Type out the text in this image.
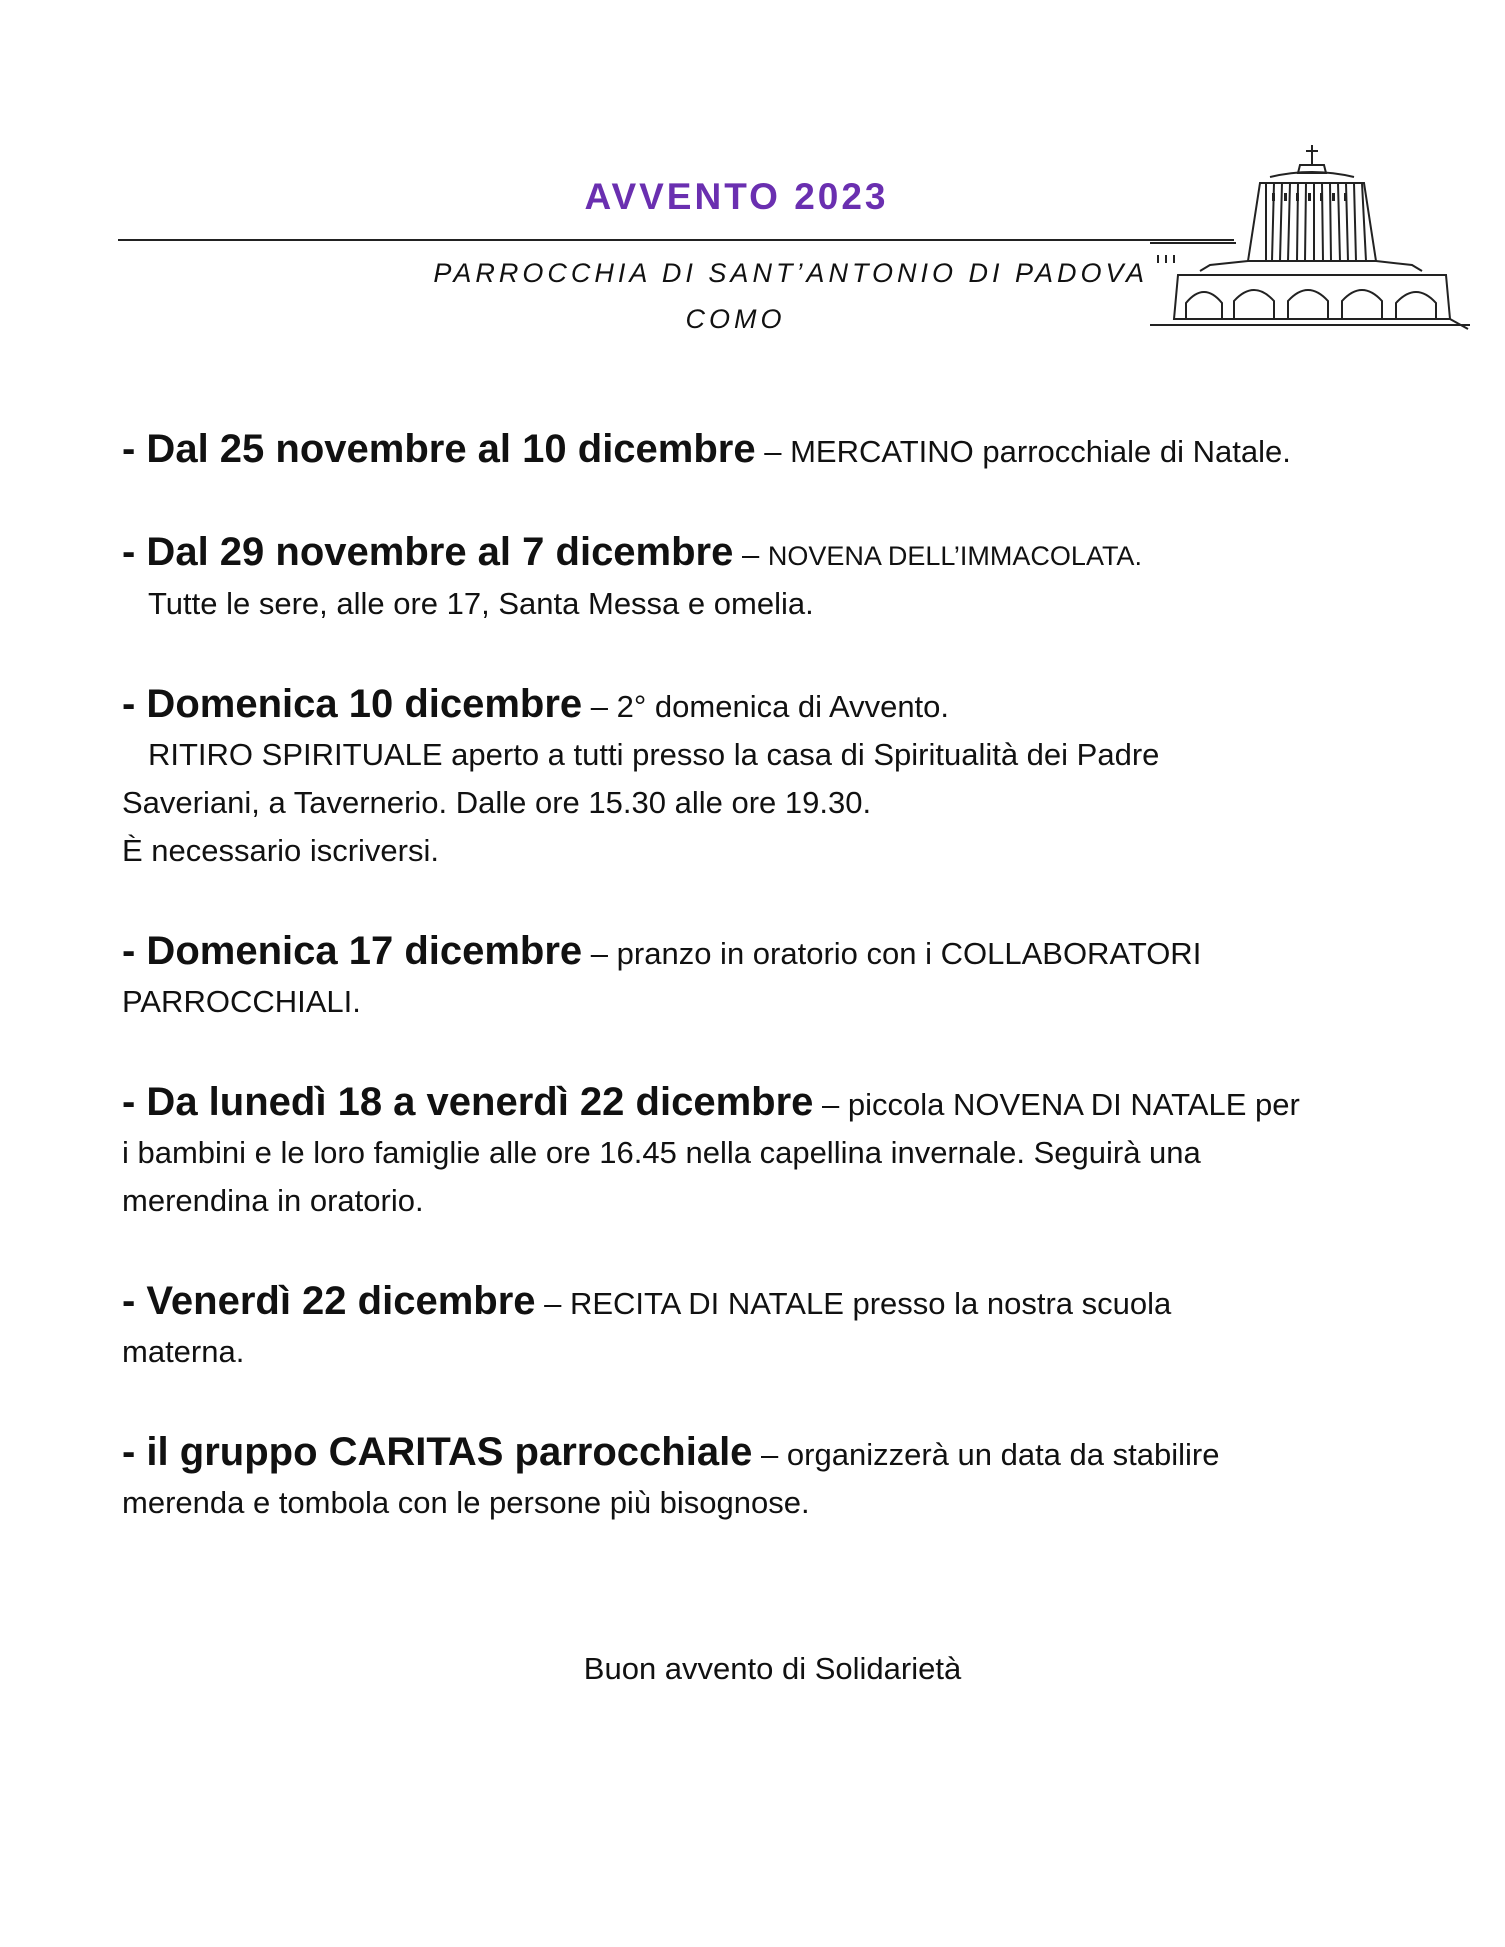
AVVENTO 2023
PARROCCHIA DI SANT’ANTONIO DI PADOVA
COMO
- Dal 25 novembre al 10 dicembre – MERCATINO parrocchiale di Natale.
- Dal 29 novembre al 7 dicembre – NOVENA DELL’IMMACOLATA.
Tutte le sere, alle ore 17, Santa Messa e omelia.
- Domenica 10 dicembre – 2° domenica di Avvento.
RITIRO SPIRITUALE aperto a tutti presso la casa di Spiritualità dei Padre
Saveriani, a Tavernerio. Dalle ore 15.30 alle ore 19.30.
È necessario iscriversi.
- Domenica 17 dicembre – pranzo in oratorio con i COLLABORATORI
PARROCCHIALI.
- Da lunedì 18 a venerdì 22 dicembre – piccola NOVENA DI NATALE per
i bambini e le loro famiglie alle ore 16.45 nella capellina invernale. Seguirà una
merendina in oratorio.
- Venerdì 22 dicembre – RECITA DI NATALE presso la nostra scuola
materna.
- il gruppo CARITAS parrocchiale – organizzerà un data da stabilire
merenda e tombola con le persone più bisognose.
Buon avvento di Solidarietà
